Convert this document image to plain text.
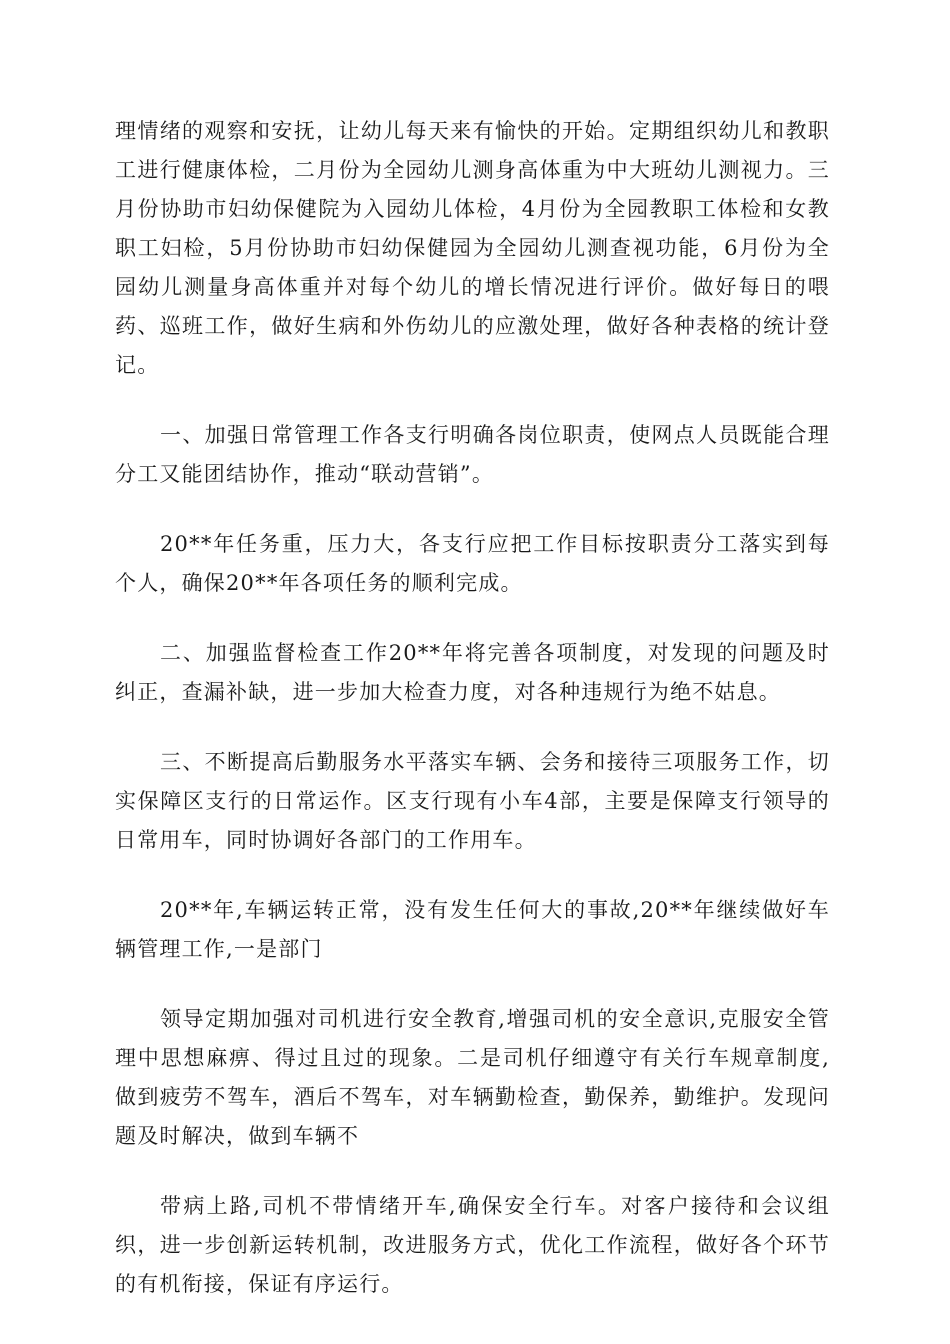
理情绪的观察和安抚，让幼儿每天来有愉快的开始。定期组织幼儿和教职工进行健康体检，二月份为全园幼儿测身高体重为中大班幼儿测视力。三月份协助市妇幼保健院为入园幼儿体检，4月份为全园教职工体检和女教职工妇检，5月份协助市妇幼保健园为全园幼儿测查视功能，6月份为全园幼儿测量身高体重并对每个幼儿的增长情况进行评价。做好每日的喂药、巡班工作，做好生病和外伤幼儿的应激处理，做好各种表格的统计登记。

一、加强日常管理工作各支行明确各岗位职责，使网点人员既能合理分工又能团结协作，推动“联动营销”。

20**年任务重，压力大，各支行应把工作目标按职责分工落实到每个人，确保20**年各项任务的顺利完成。

二、加强监督检查工作20**年将完善各项制度，对发现的问题及时纠正，查漏补缺，进一步加大检查力度，对各种违规行为绝不姑息。

三、不断提高后勤服务水平落实车辆、会务和接待三项服务工作，切实保障区支行的日常运作。区支行现有小车4部，主要是保障支行领导的日常用车，同时协调好各部门的工作用车。

20**年,车辆运转正常，没有发生任何大的事故,20**年继续做好车辆管理工作,一是部门

领导定期加强对司机进行安全教育,增强司机的安全意识,克服安全管理中思想麻痹、得过且过的现象。二是司机仔细遵守有关行车规章制度,做到疲劳不驾车，酒后不驾车，对车辆勤检查，勤保养，勤维护。发现问题及时解决，做到车辆不

带病上路,司机不带情绪开车,确保安全行车。对客户接待和会议组织，进一步创新运转机制，改进服务方式，优化工作流程，做好各个环节的有机衔接，保证有序运行。
